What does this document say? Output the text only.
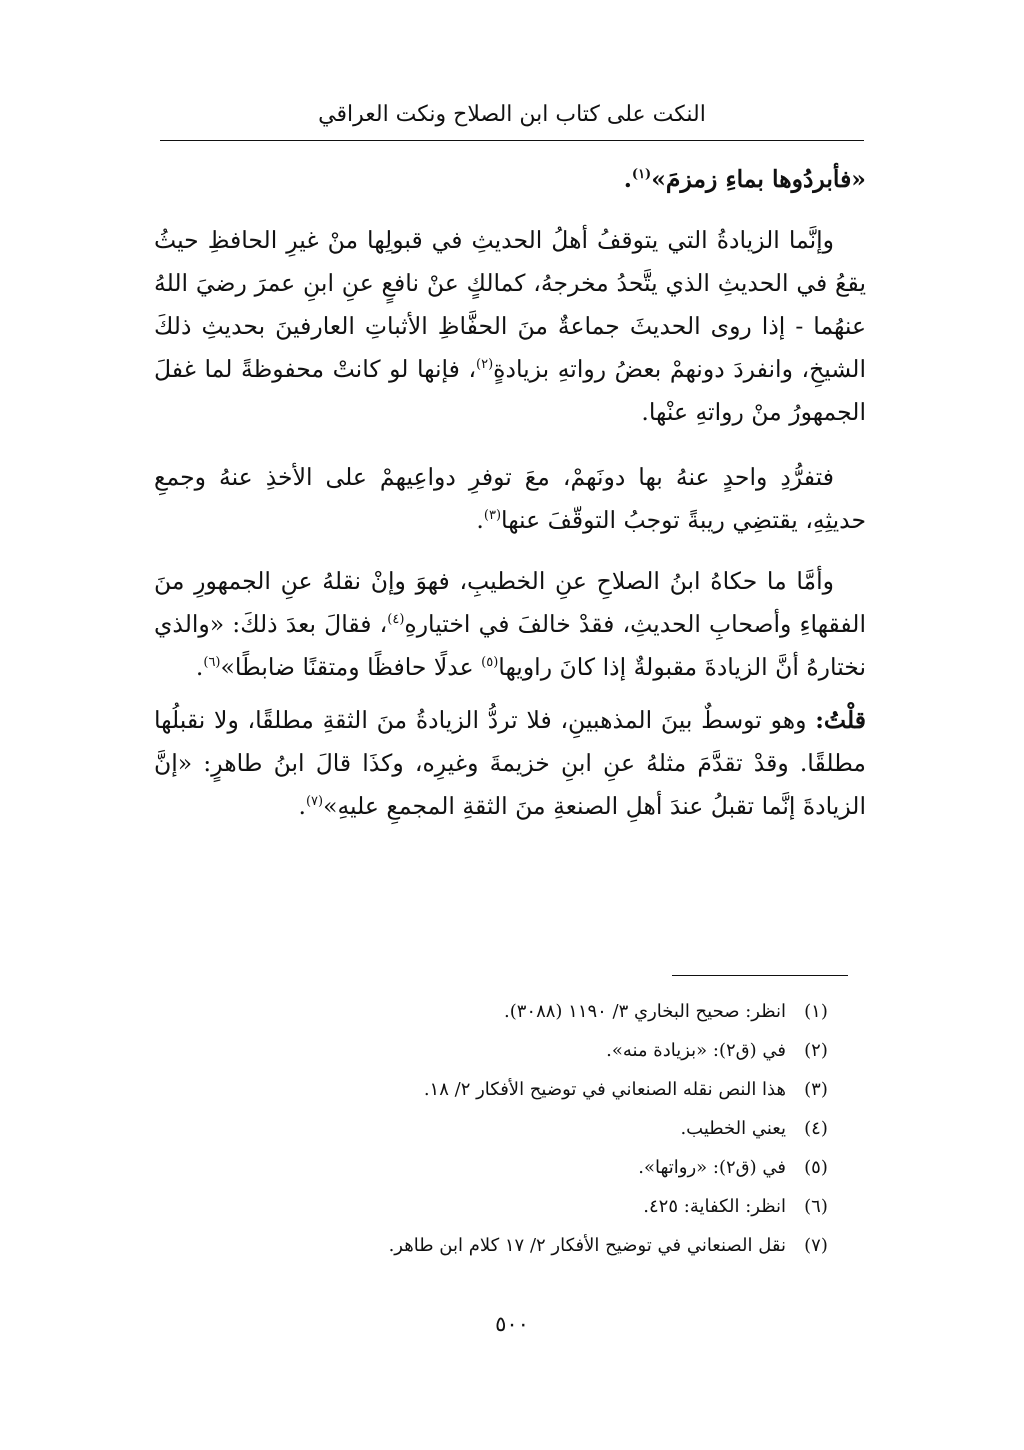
النكت على كتاب ابن الصلاح ونكت العراقي

«فأبردُوها بماءِ زمزمَ»$^{(١)}$.

وإنَّما الزيادةُ التي يتوقفُ أهلُ الحديثِ في قبولِها منْ غيرِ الحافظِ حيثُ يقعُ في الحديثِ الذي يتَّحدُ مخرجهُ، كمالكٍ عنْ نافعٍ عنِ ابنِ عمرَ رضيَ اللهُ عنهُما - إذا روى الحديثَ جماعةٌ منَ الحفَّاظِ الأثباتِ العارفينَ بحديثِ ذلكَ الشيخِ، وانفردَ دونهمْ بعضُ رواتهِ بزيادةٍ$^{(٢)}$، فإنها لو كانتْ محفوظةً لما غفلَ الجمهورُ منْ رواتهِ عنْها.

فتفرُّدِ واحدٍ عنهُ بها دونَهمْ، معَ توفرِ دواعِيهمْ على الأخذِ عنهُ وجمعِ حديثِهِ، يقتضِي ريبةً توجبُ التوقّفَ عنها$^{(٣)}$.

وأمَّا ما حكاهُ ابنُ الصلاحِ عنِ الخطيبِ، فهوَ وإنْ نقلهُ عنِ الجمهورِ منَ الفقهاءِ وأصحابِ الحديثِ، فقدْ خالفَ في اختيارهِ$^{(٤)}$، فقالَ بعدَ ذلكَ: «والذي نختارهُ أنَّ الزيادةَ مقبولةٌ إذا كانَ راويها$^{(٥)}$ عدلًا حافظًا ومتقنًا ضابطًا»$^{(٦)}$.

قلْتُ: وهو توسطٌ بينَ المذهبينِ، فلا تردُّ الزيادةُ منَ الثقةِ مطلقًا، ولا نقبلُها مطلقًا. وقدْ تقدَّمَ مثلهُ عنِ ابنِ خزيمةَ وغيرِه، وكذَا قالَ ابنُ طاهرٍ: «إنَّ الزيادةَ إنَّما تقبلُ عندَ أهلِ الصنعةِ منَ الثقةِ المجمعِ عليهِ»$^{(٧)}$.

(١)
انظر: صحيح البخاري ٣/ ١١٩٠ (٣٠٨٨).
(٢)
في (ق٢): «بزيادة منه».
(٣)
هذا النص نقله الصنعاني في توضيح الأفكار ٢/ ١٨.
(٤)
يعني الخطيب.
(٥)
في (ق٢): «رواتها».
(٦)
انظر: الكفاية: ٤٢٥.
(٧)
نقل الصنعاني في توضيح الأفكار ٢/ ١٧ كلام ابن طاهر.
٥٠٠
